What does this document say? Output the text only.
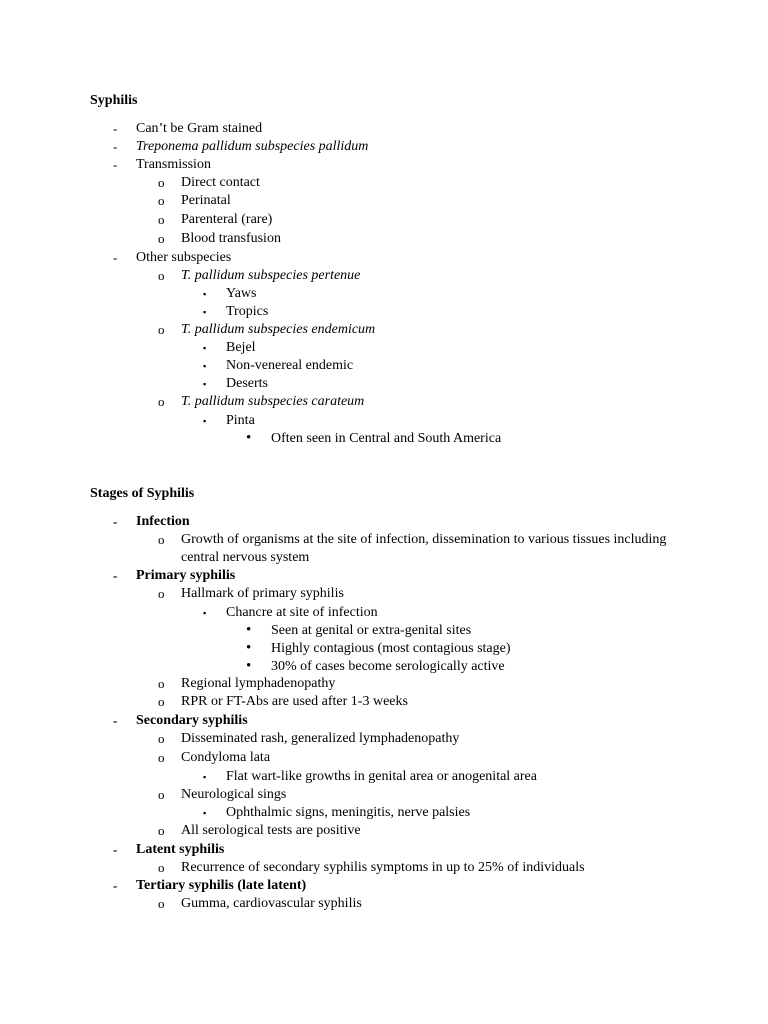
Syphilis
- Can’t be Gram stained
- Treponema pallidum subspecies pallidum
- Transmission
o Direct contact
o Perinatal
o Parenteral (rare)
o Blood transfusion
- Other subspecies
o T. pallidum subspecies pertenue
▪ Yaws
▪ Tropics
o T. pallidum subspecies endemicum
▪ Bejel
▪ Non-venereal endemic
▪ Deserts
o T. pallidum subspecies carateum
▪ Pinta
• Often seen in Central and South America
Stages of Syphilis
- Infection
o Growth of organisms at the site of infection, dissemination to various tissues including central nervous system
- Primary syphilis
o Hallmark of primary syphilis
▪ Chancre at site of infection
• Seen at genital or extra-genital sites
• Highly contagious (most contagious stage)
• 30% of cases become serologically active
o Regional lymphadenopathy
o RPR or FT-Abs are used after 1-3 weeks
- Secondary syphilis
o Disseminated rash, generalized lymphadenopathy
o Condyloma lata
▪ Flat wart-like growths in genital area or anogenital area
o Neurological sings
▪ Ophthalmic signs, meningitis, nerve palsies
o All serological tests are positive
- Latent syphilis
o Recurrence of secondary syphilis symptoms in up to 25% of individuals
- Tertiary syphilis (late latent)
o Gumma, cardiovascular syphilis
